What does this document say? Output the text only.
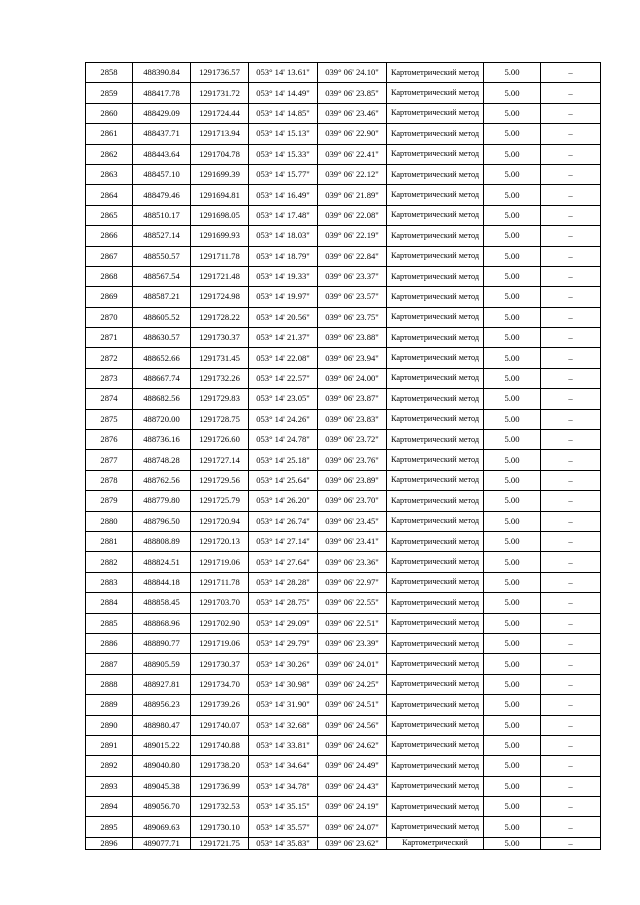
2858	488390.84	1291736.57	053° 14' 13.61"	039° 06' 24.10"	Картометрический метод	5.00	–
2859	488417.78	1291731.72	053° 14' 14.49"	039° 06' 23.85"	Картометрический метод	5.00	–
2860	488429.09	1291724.44	053° 14' 14.85"	039° 06' 23.46"	Картометрический метод	5.00	–
2861	488437.71	1291713.94	053° 14' 15.13"	039° 06' 22.90"	Картометрический метод	5.00	–
2862	488443.64	1291704.78	053° 14' 15.33"	039° 06' 22.41"	Картометрический метод	5.00	–
2863	488457.10	1291699.39	053° 14' 15.77"	039° 06' 22.12"	Картометрический метод	5.00	–
2864	488479.46	1291694.81	053° 14' 16.49"	039° 06' 21.89"	Картометрический метод	5.00	–
2865	488510.17	1291698.05	053° 14' 17.48"	039° 06' 22.08"	Картометрический метод	5.00	–
2866	488527.14	1291699.93	053° 14' 18.03"	039° 06' 22.19"	Картометрический метод	5.00	–
2867	488550.57	1291711.78	053° 14' 18.79"	039° 06' 22.84"	Картометрический метод	5.00	–
2868	488567.54	1291721.48	053° 14' 19.33"	039° 06' 23.37"	Картометрический метод	5.00	–
2869	488587.21	1291724.98	053° 14' 19.97"	039° 06' 23.57"	Картометрический метод	5.00	–
2870	488605.52	1291728.22	053° 14' 20.56"	039° 06' 23.75"	Картометрический метод	5.00	–
2871	488630.57	1291730.37	053° 14' 21.37"	039° 06' 23.88"	Картометрический метод	5.00	–
2872	488652.66	1291731.45	053° 14' 22.08"	039° 06' 23.94"	Картометрический метод	5.00	–
2873	488667.74	1291732.26	053° 14' 22.57"	039° 06' 24.00"	Картометрический метод	5.00	–
2874	488682.56	1291729.83	053° 14' 23.05"	039° 06' 23.87"	Картометрический метод	5.00	–
2875	488720.00	1291728.75	053° 14' 24.26"	039° 06' 23.83"	Картометрический метод	5.00	–
2876	488736.16	1291726.60	053° 14' 24.78"	039° 06' 23.72"	Картометрический метод	5.00	–
2877	488748.28	1291727.14	053° 14' 25.18"	039° 06' 23.76"	Картометрический метод	5.00	–
2878	488762.56	1291729.56	053° 14' 25.64"	039° 06' 23.89"	Картометрический метод	5.00	–
2879	488779.80	1291725.79	053° 14' 26.20"	039° 06' 23.70"	Картометрический метод	5.00	–
2880	488796.50	1291720.94	053° 14' 26.74"	039° 06' 23.45"	Картометрический метод	5.00	–
2881	488808.89	1291720.13	053° 14' 27.14"	039° 06' 23.41"	Картометрический метод	5.00	–
2882	488824.51	1291719.06	053° 14' 27.64"	039° 06' 23.36"	Картометрический метод	5.00	–
2883	488844.18	1291711.78	053° 14' 28.28"	039° 06' 22.97"	Картометрический метод	5.00	–
2884	488858.45	1291703.70	053° 14' 28.75"	039° 06' 22.55"	Картометрический метод	5.00	–
2885	488868.96	1291702.90	053° 14' 29.09"	039° 06' 22.51"	Картометрический метод	5.00	–
2886	488890.77	1291719.06	053° 14' 29.79"	039° 06' 23.39"	Картометрический метод	5.00	–
2887	488905.59	1291730.37	053° 14' 30.26"	039° 06' 24.01"	Картометрический метод	5.00	–
2888	488927.81	1291734.70	053° 14' 30.98"	039° 06' 24.25"	Картометрический метод	5.00	–
2889	488956.23	1291739.26	053° 14' 31.90"	039° 06' 24.51"	Картометрический метод	5.00	–
2890	488980.47	1291740.07	053° 14' 32.68"	039° 06' 24.56"	Картометрический метод	5.00	–
2891	489015.22	1291740.88	053° 14' 33.81"	039° 06' 24.62"	Картометрический метод	5.00	–
2892	489040.80	1291738.20	053° 14' 34.64"	039° 06' 24.49"	Картометрический метод	5.00	–
2893	489045.38	1291736.99	053° 14' 34.78"	039° 06' 24.43"	Картометрический метод	5.00	–
2894	489056.70	1291732.53	053° 14' 35.15"	039° 06' 24.19"	Картометрический метод	5.00	–
2895	489069.63	1291730.10	053° 14' 35.57"	039° 06' 24.07"	Картометрический метод	5.00	–
2896	489077.71	1291721.75	053° 14' 35.83"	039° 06' 23.62"	Картометрический	5.00	–
